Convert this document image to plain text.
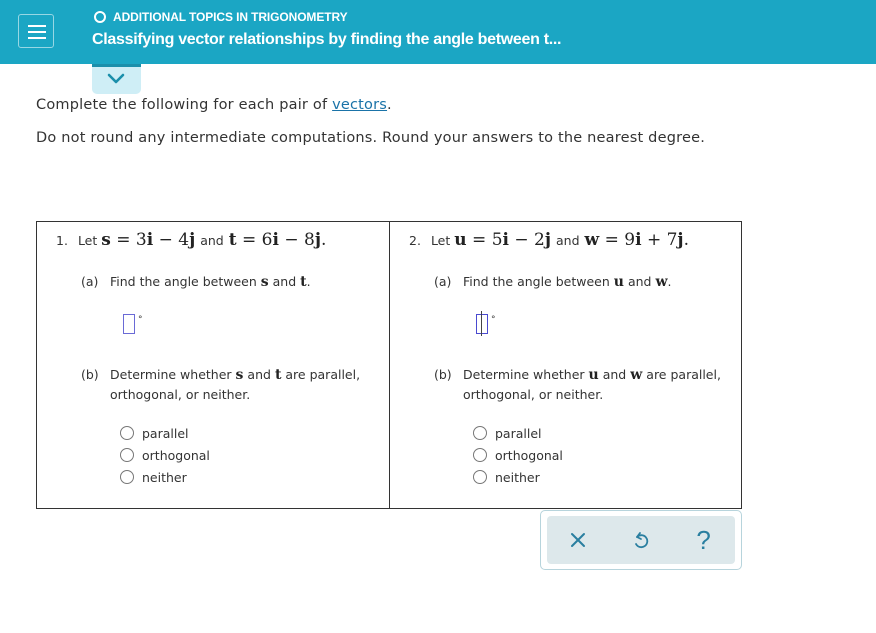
ADDITIONAL TOPICS IN TRIGONOMETRY
Classifying vector relationships by finding the angle between t...
Complete the following for each pair of vectors.
Do not round any intermediate computations. Round your answers to the nearest degree.
1. Let
s = 3i − 4j and t = 6i − 8j.
(a) Find the angle between s and t.
°
(b) Determine whether s and t are parallel,
orthogonal, or neither.
parallel
orthogonal
neither
2. Let
u = 5i − 2j and w = 9i + 7j.
(a) Find the angle between u and w.
°
(b) Determine whether u and w are parallel,
orthogonal, or neither.
parallel
orthogonal
neither
?
